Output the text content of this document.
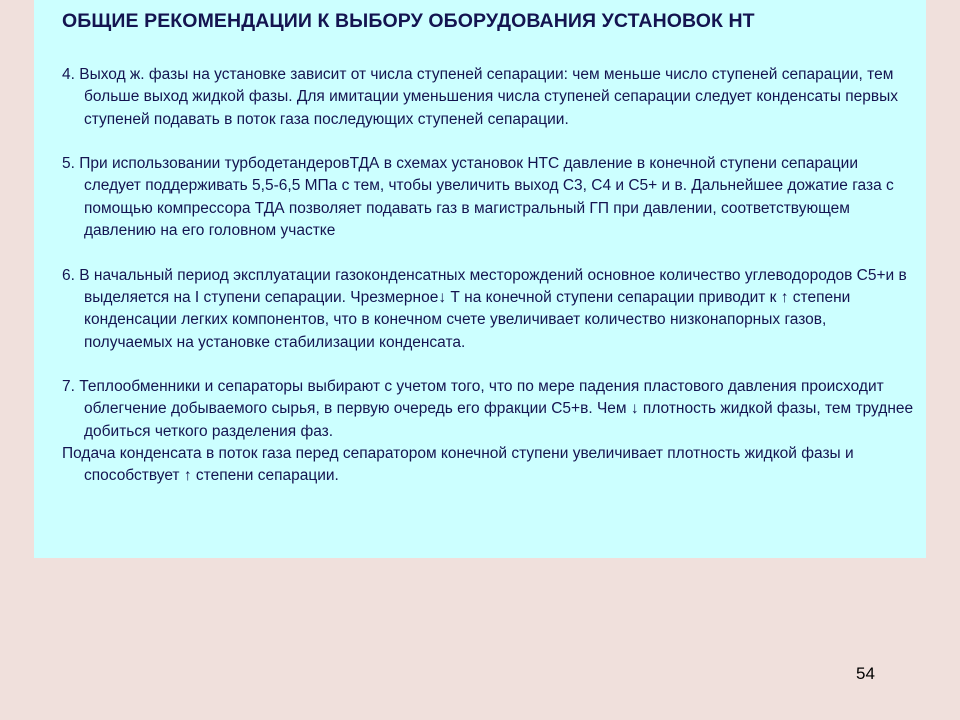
ОБЩИЕ РЕКОМЕНДАЦИИ К ВЫБОРУ ОБОРУДОВАНИЯ УСТАНОВОК НТ

4. Выход ж. фазы на установке зависит от числа ступеней сепарации: чем меньше число ступеней сепарации, тем больше выход жидкой фазы. Для имитации уменьшения числа ступеней сепарации следует конденсаты первых ступеней подавать в поток газа последующих ступеней сепарации.

5. При использовании турбодетандеровТДА в схемах установок НТС давление в конечной ступени сепарации следует поддерживать 5,5-6,5 МПа с тем, чтобы увеличить выход С3, С4 и С5+ и в. Дальнейшее дожатие газа с помощью компрессора ТДА позволяет подавать газ в магистральный ГП при давлении, соответствующем давлению на его головном участке

6. В начальный период эксплуатации газоконденсатных месторождений основное количество углеводородов С5+и в выделяется на I ступени сепарации. Чрезмерное↓ Т на конечной ступени сепарации приводит к ↑ степени конденсации легких компонентов, что в конечном счете увеличивает количество низконапорных газов, получаемых на установке стабилизации конденсата.

7. Теплообменники и сепараторы выбирают с учетом того, что по мере падения пластового давления происходит облегчение добываемого сырья, в первую очередь его фракции С5+в. Чем ↓ плотность жидкой фазы, тем труднее добиться четкого разделения фаз.

Подача конденсата в поток газа перед сепаратором конечной ступени увеличивает плотность жидкой фазы и способствует ↑ степени сепарации.

54
